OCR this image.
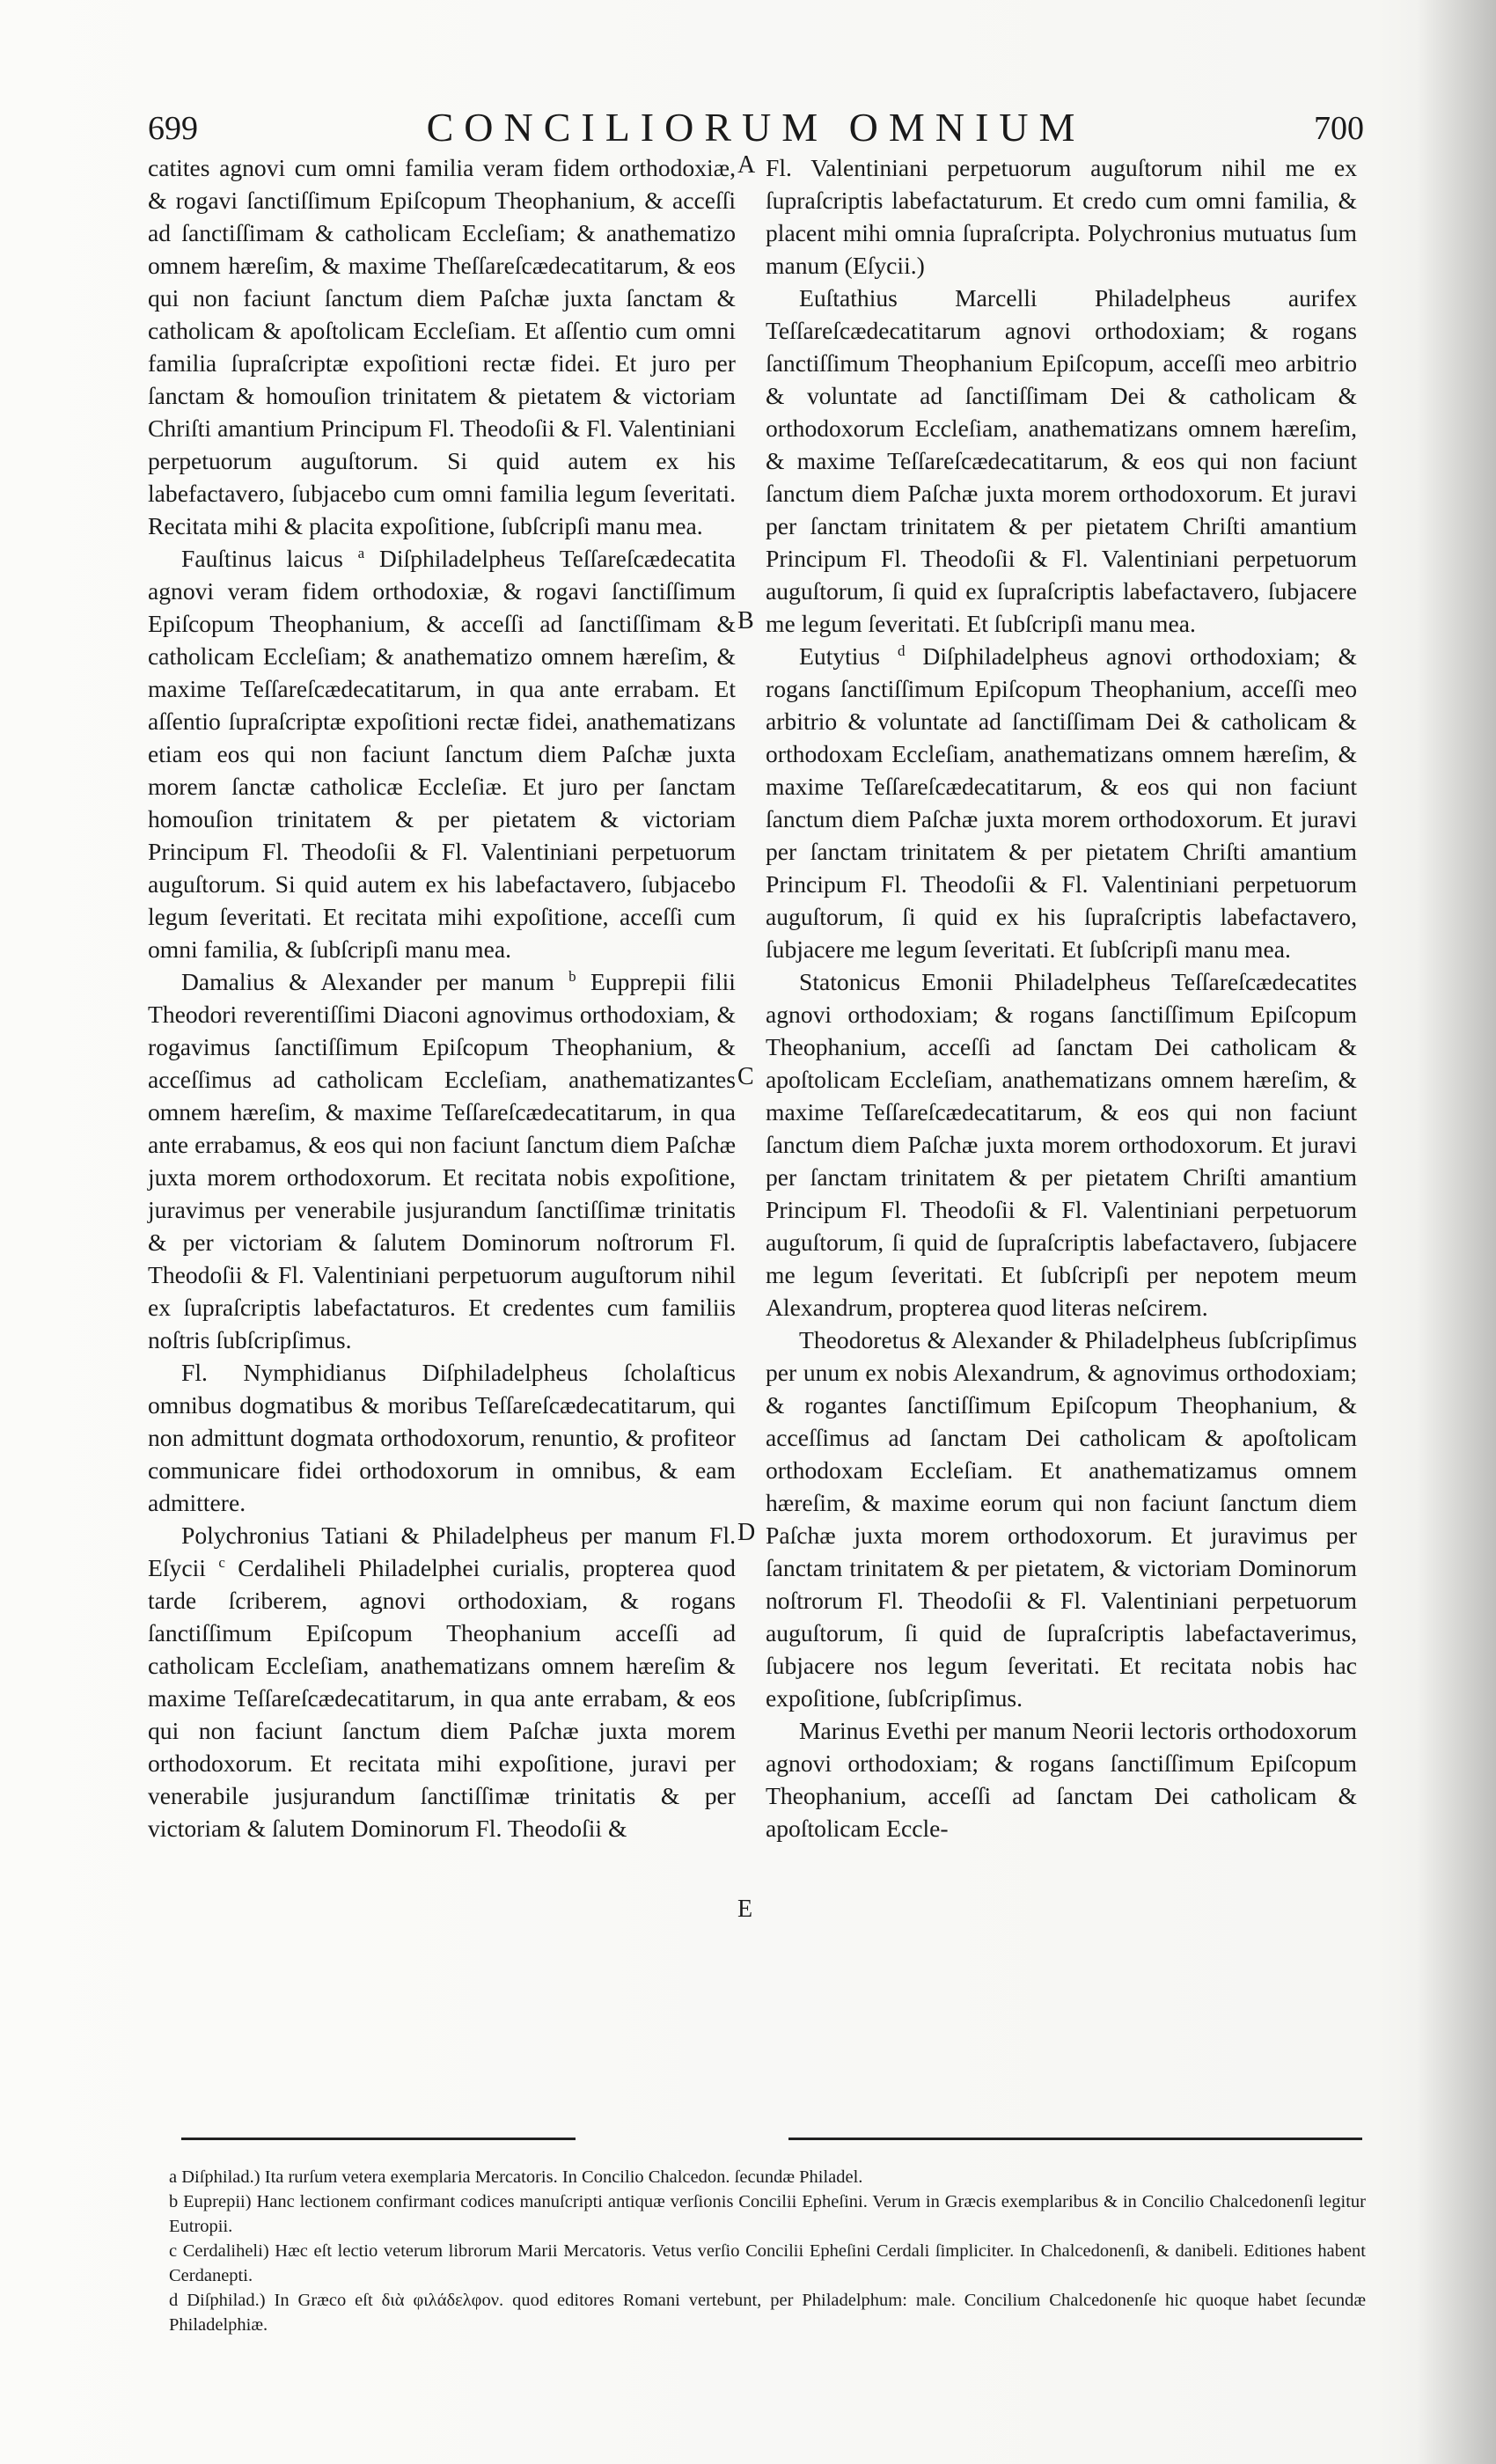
699	CONCILIORUM OMNIUM	700

catites agnovi cum omni familia veram fidem orthodoxiæ, & rogavi ſanctiſſimum Epiſcopum Theophanium, & acceſſi ad ſanctiſſimam & catholicam Eccleſiam; & anathematizo omnem hæreſim, & maxime Theſſareſcædecatitarum, & eos qui non faciunt ſanctum diem Paſchæ juxta ſanctam & catholicam & apoſtolicam Eccleſiam. Et aſſentio cum omni familia ſupraſcriptæ expoſitioni rectæ fidei. Et juro per ſanctam & homouſion trinitatem & pietatem & victoriam Chriſti amantium Principum Fl. Theodoſii & Fl. Valentiniani perpetuorum auguſtorum. Si quid autem ex his labefactavero, ſubjacebo cum omni familia legum ſeveritati. Recitata mihi & placita expoſitione, ſubſcripſi manu mea.

Fauſtinus laicus $^a$ Diſphiladelpheus Teſſareſcædecatita agnovi veram fidem orthodoxiæ, & rogavi ſanctiſſimum Epiſcopum Theophanium, & acceſſi ad ſanctiſſimam & catholicam Eccleſiam; & anathematizo omnem hæreſim, & maxime Teſſareſcædecatitarum, in qua ante errabam. Et aſſentio ſupraſcriptæ expoſitioni rectæ fidei, anathematizans etiam eos qui non faciunt ſanctum diem Paſchæ juxta morem ſanctæ catholicæ Eccleſiæ. Et juro per ſanctam homouſion trinitatem & per pietatem & victoriam Principum Fl. Theodoſii & Fl. Valentiniani perpetuorum auguſtorum. Si quid autem ex his labefactavero, ſubjacebo legum ſeveritati. Et recitata mihi expoſitione, acceſſi cum omni familia, & ſubſcripſi manu mea.

Damalius & Alexander per manum $^b$ Eupprepii filii Theodori reverentiſſimi Diaconi agnovimus orthodoxiam, & rogavimus ſanctiſſimum Epiſcopum Theophanium, & acceſſimus ad catholicam Eccleſiam, anathematizantes omnem hæreſim, & maxime Teſſareſcædecatitarum, in qua ante errabamus, & eos qui non faciunt ſanctum diem Paſchæ juxta morem orthodoxorum. Et recitata nobis expoſitione, juravimus per venerabile jusjurandum ſanctiſſimæ trinitatis & per victoriam & ſalutem Dominorum noſtrorum Fl. Theodoſii & Fl. Valentiniani perpetuorum auguſtorum nihil ex ſupraſcriptis labefactaturos. Et credentes cum familiis noſtris ſubſcripſimus.

Fl. Nymphidianus Diſphiladelpheus ſcholaſticus omnibus dogmatibus & moribus Teſſareſcædecatitarum, qui non admittunt dogmata orthodoxorum, renuntio, & profiteor communicare fidei orthodoxorum in omnibus, & eam admittere.

Polychronius Tatiani & Philadelpheus per manum Fl. Eſycii $^c$ Cerdaliheli Philadelphei curialis, propterea quod tarde ſcriberem, agnovi orthodoxiam, & rogans ſanctiſſimum Epiſcopum Theophanium acceſſi ad catholicam Eccleſiam, anathematizans omnem hæreſim & maxime Teſſareſcædecatitarum, in qua ante errabam, & eos qui non faciunt ſanctum diem Paſchæ juxta morem orthodoxorum. Et recitata mihi expoſitione, juravi per venerabile jusjurandum ſanctiſſimæ trinitatis & per victoriam & ſalutem Dominorum Fl. Theodoſii &

A
B
C
D
E

Fl. Valentiniani perpetuorum auguſtorum nihil me ex ſupraſcriptis labefactaturum. Et credo cum omni familia, & placent mihi omnia ſupraſcripta. Polychronius mutuatus ſum manum (Eſycii.)

Euſtathius Marcelli Philadelpheus aurifex Teſſareſcædecatitarum agnovi orthodoxiam; & rogans ſanctiſſimum Theophanium Epiſcopum, acceſſi meo arbitrio & voluntate ad ſanctiſſimam Dei & catholicam & orthodoxorum Eccleſiam, anathematizans omnem hæreſim, & maxime Teſſareſcædecatitarum, & eos qui non faciunt ſanctum diem Paſchæ juxta morem orthodoxorum. Et juravi per ſanctam trinitatem & per pietatem Chriſti amantium Principum Fl. Theodoſii & Fl. Valentiniani perpetuorum auguſtorum, ſi quid ex ſupraſcriptis labefactavero, ſubjacere me legum ſeveritati. Et ſubſcripſi manu mea.

Eutytius $^d$ Diſphiladelpheus agnovi orthodoxiam; & rogans ſanctiſſimum Epiſcopum Theophanium, acceſſi meo arbitrio & voluntate ad ſanctiſſimam Dei & catholicam & orthodoxam Eccleſiam, anathematizans omnem hæreſim, & maxime Teſſareſcædecatitarum, & eos qui non faciunt ſanctum diem Paſchæ juxta morem orthodoxorum. Et juravi per ſanctam trinitatem & per pietatem Chriſti amantium Principum Fl. Theodoſii & Fl. Valentiniani perpetuorum auguſtorum, ſi quid ex his ſupraſcriptis labefactavero, ſubjacere me legum ſeveritati. Et ſubſcripſi manu mea.

Statonicus Emonii Philadelpheus Teſſareſcædecatites agnovi orthodoxiam; & rogans ſanctiſſimum Epiſcopum Theophanium, acceſſi ad ſanctam Dei catholicam & apoſtolicam Eccleſiam, anathematizans omnem hæreſim, & maxime Teſſareſcædecatitarum, & eos qui non faciunt ſanctum diem Paſchæ juxta morem orthodoxorum. Et juravi per ſanctam trinitatem & per pietatem Chriſti amantium Principum Fl. Theodoſii & Fl. Valentiniani perpetuorum auguſtorum, ſi quid de ſupraſcriptis labefactavero, ſubjacere me legum ſeveritati. Et ſubſcripſi per nepotem meum Alexandrum, propterea quod literas neſcirem.

Theodoretus & Alexander & Philadelpheus ſubſcripſimus per unum ex nobis Alexandrum, & agnovimus orthodoxiam; & rogantes ſanctiſſimum Epiſcopum Theophanium, & acceſſimus ad ſanctam Dei catholicam & apoſtolicam orthodoxam Eccleſiam. Et anathematizamus omnem hæreſim, & maxime eorum qui non faciunt ſanctum diem Paſchæ juxta morem orthodoxorum. Et juravimus per ſanctam trinitatem & per pietatem, & victoriam Dominorum noſtrorum Fl. Theodoſii & Fl. Valentiniani perpetuorum auguſtorum, ſi quid de ſupraſcriptis labefactaverimus, ſubjacere nos legum ſeveritati. Et recitata nobis hac expoſitione, ſubſcripſimus.

Marinus Evethi per manum Neorii lectoris orthodoxorum agnovi orthodoxiam; & rogans ſanctiſſimum Epiſcopum Theophanium, acceſſi ad ſanctam Dei catholicam & apoſtolicam Eccle-

a Diſphilad.) Ita rurſum vetera exemplaria Mercatoris. In Concilio Chalcedon. ſecundæ Philadel.

b Euprepii) Hanc lectionem confirmant codices manuſcripti antiquæ verſionis Concilii Epheſini. Verum in Græcis exemplaribus & in Concilio Chalcedonenſi legitur Eutropii.

c Cerdaliheli) Hæc eſt lectio veterum librorum Marii Mercatoris. Vetus verſio Concilii Epheſini Cerdali ſimpliciter. In Chalcedonenſi, & danibeli. Editiones habent Cerdanepti.

d Diſphilad.) In Græco eſt διὰ φιλάδελφον. quod editores Romani vertebunt, per Philadelphum: male. Concilium Chalcedonenſe hic quoque habet ſecundæ Philadelphiæ.
